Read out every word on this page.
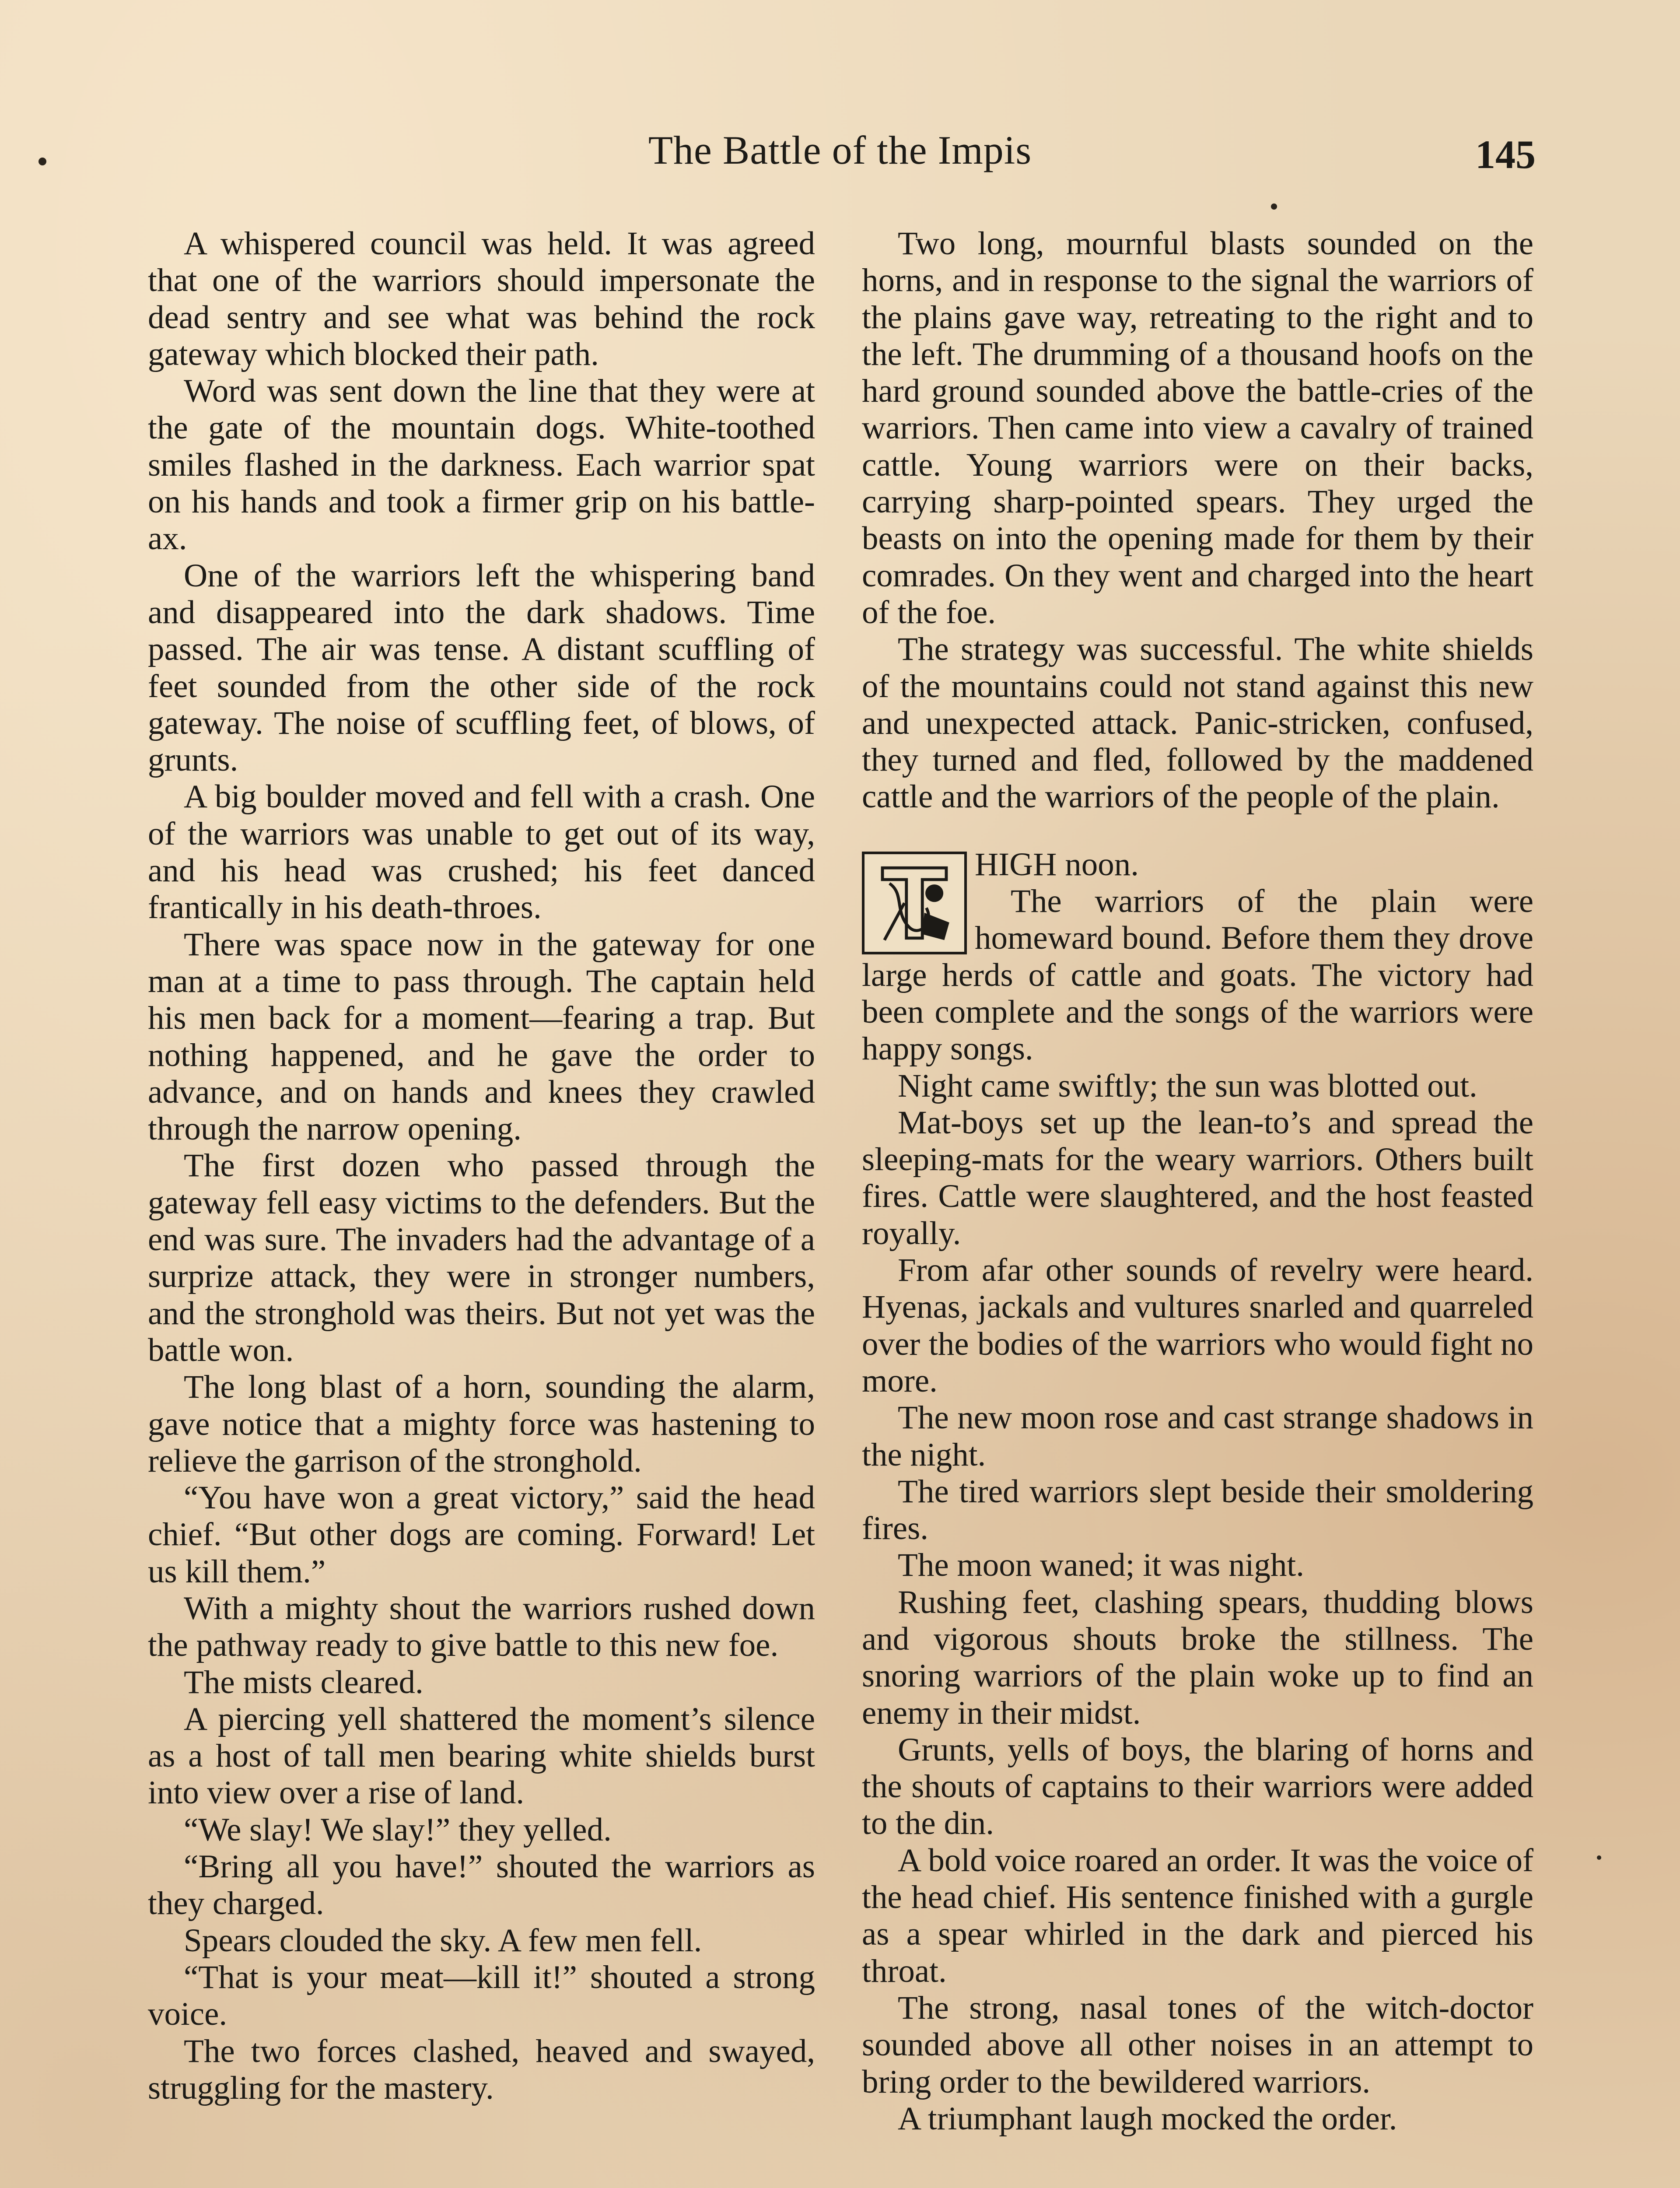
The Battle of the Impis	145

A whispered council was held. It was agreed that one of the warriors should impersonate the dead sentry and see what was behind the rock gateway which blocked their path.

Word was sent down the line that they were at the gate of the mountain dogs. White-toothed smiles flashed in the darkness. Each warrior spat on his hands and took a firmer grip on his battle-ax.

One of the warriors left the whispering band and disappeared into the dark shadows. Time passed. The air was tense. A distant scuffling of feet sounded from the other side of the rock gateway. The noise of scuffling feet, of blows, of grunts.

A big boulder moved and fell with a crash. One of the warriors was unable to get out of its way, and his head was crushed; his feet danced frantically in his death-throes.

There was space now in the gateway for one man at a time to pass through. The captain held his men back for a moment—fearing a trap. But nothing happened, and he gave the order to advance, and on hands and knees they crawled through the narrow opening.

The first dozen who passed through the gateway fell easy victims to the defenders. But the end was sure. The invaders had the advantage of a surprize attack, they were in stronger numbers, and the stronghold was theirs. But not yet was the battle won.

The long blast of a horn, sounding the alarm, gave notice that a mighty force was hastening to relieve the garrison of the stronghold.

“You have won a great victory,” said the head chief. “But other dogs are coming. Forward! Let us kill them.”

With a mighty shout the warriors rushed down the pathway ready to give battle to this new foe.

The mists cleared.

A piercing yell shattered the moment’s silence as a host of tall men bearing white shields burst into view over a rise of land.

“We slay! We slay!” they yelled.

“Bring all you have!” shouted the warriors as they charged.

Spears clouded the sky. A few men fell.

“That is your meat—kill it!” shouted a strong voice.

The two forces clashed, heaved and swayed, struggling for the mastery.

Two long, mournful blasts sounded on the horns, and in response to the signal the warriors of the plains gave way, retreating to the right and to the left. The drumming of a thousand hoofs on the hard ground sounded above the battle-cries of the warriors. Then came into view a cavalry of trained cattle. Young warriors were on their backs, carrying sharp-pointed spears. They urged the beasts on into the opening made for them by their comrades. On they went and charged into the heart of the foe.

The strategy was successful. The white shields of the mountains could not stand against this new and unexpected attack. Panic-stricken, confused, they turned and fled, followed by the maddened cattle and the warriors of the people of the plain.

HIGH noon.

The warriors of the plain were homeward bound. Before them they drove large herds of cattle and goats. The victory had been complete and the songs of the warriors were happy songs.

Night came swiftly; the sun was blotted out.

Mat-boys set up the lean-to’s and spread the sleeping-mats for the weary warriors. Others built fires. Cattle were slaughtered, and the host feasted royally.

From afar other sounds of revelry were heard. Hyenas, jackals and vultures snarled and quarreled over the bodies of the warriors who would fight no more.

The new moon rose and cast strange shadows in the night.

The tired warriors slept beside their smoldering fires.

The moon waned; it was night.

Rushing feet, clashing spears, thudding blows and vigorous shouts broke the stillness. The snoring warriors of the plain woke up to find an enemy in their midst.

Grunts, yells of boys, the blaring of horns and the shouts of captains to their warriors were added to the din.

A bold voice roared an order. It was the voice of the head chief. His sentence finished with a gurgle as a spear whirled in the dark and pierced his throat.

The strong, nasal tones of the witch-doctor sounded above all other noises in an attempt to bring order to the bewildered warriors.

A triumphant laugh mocked the order.
